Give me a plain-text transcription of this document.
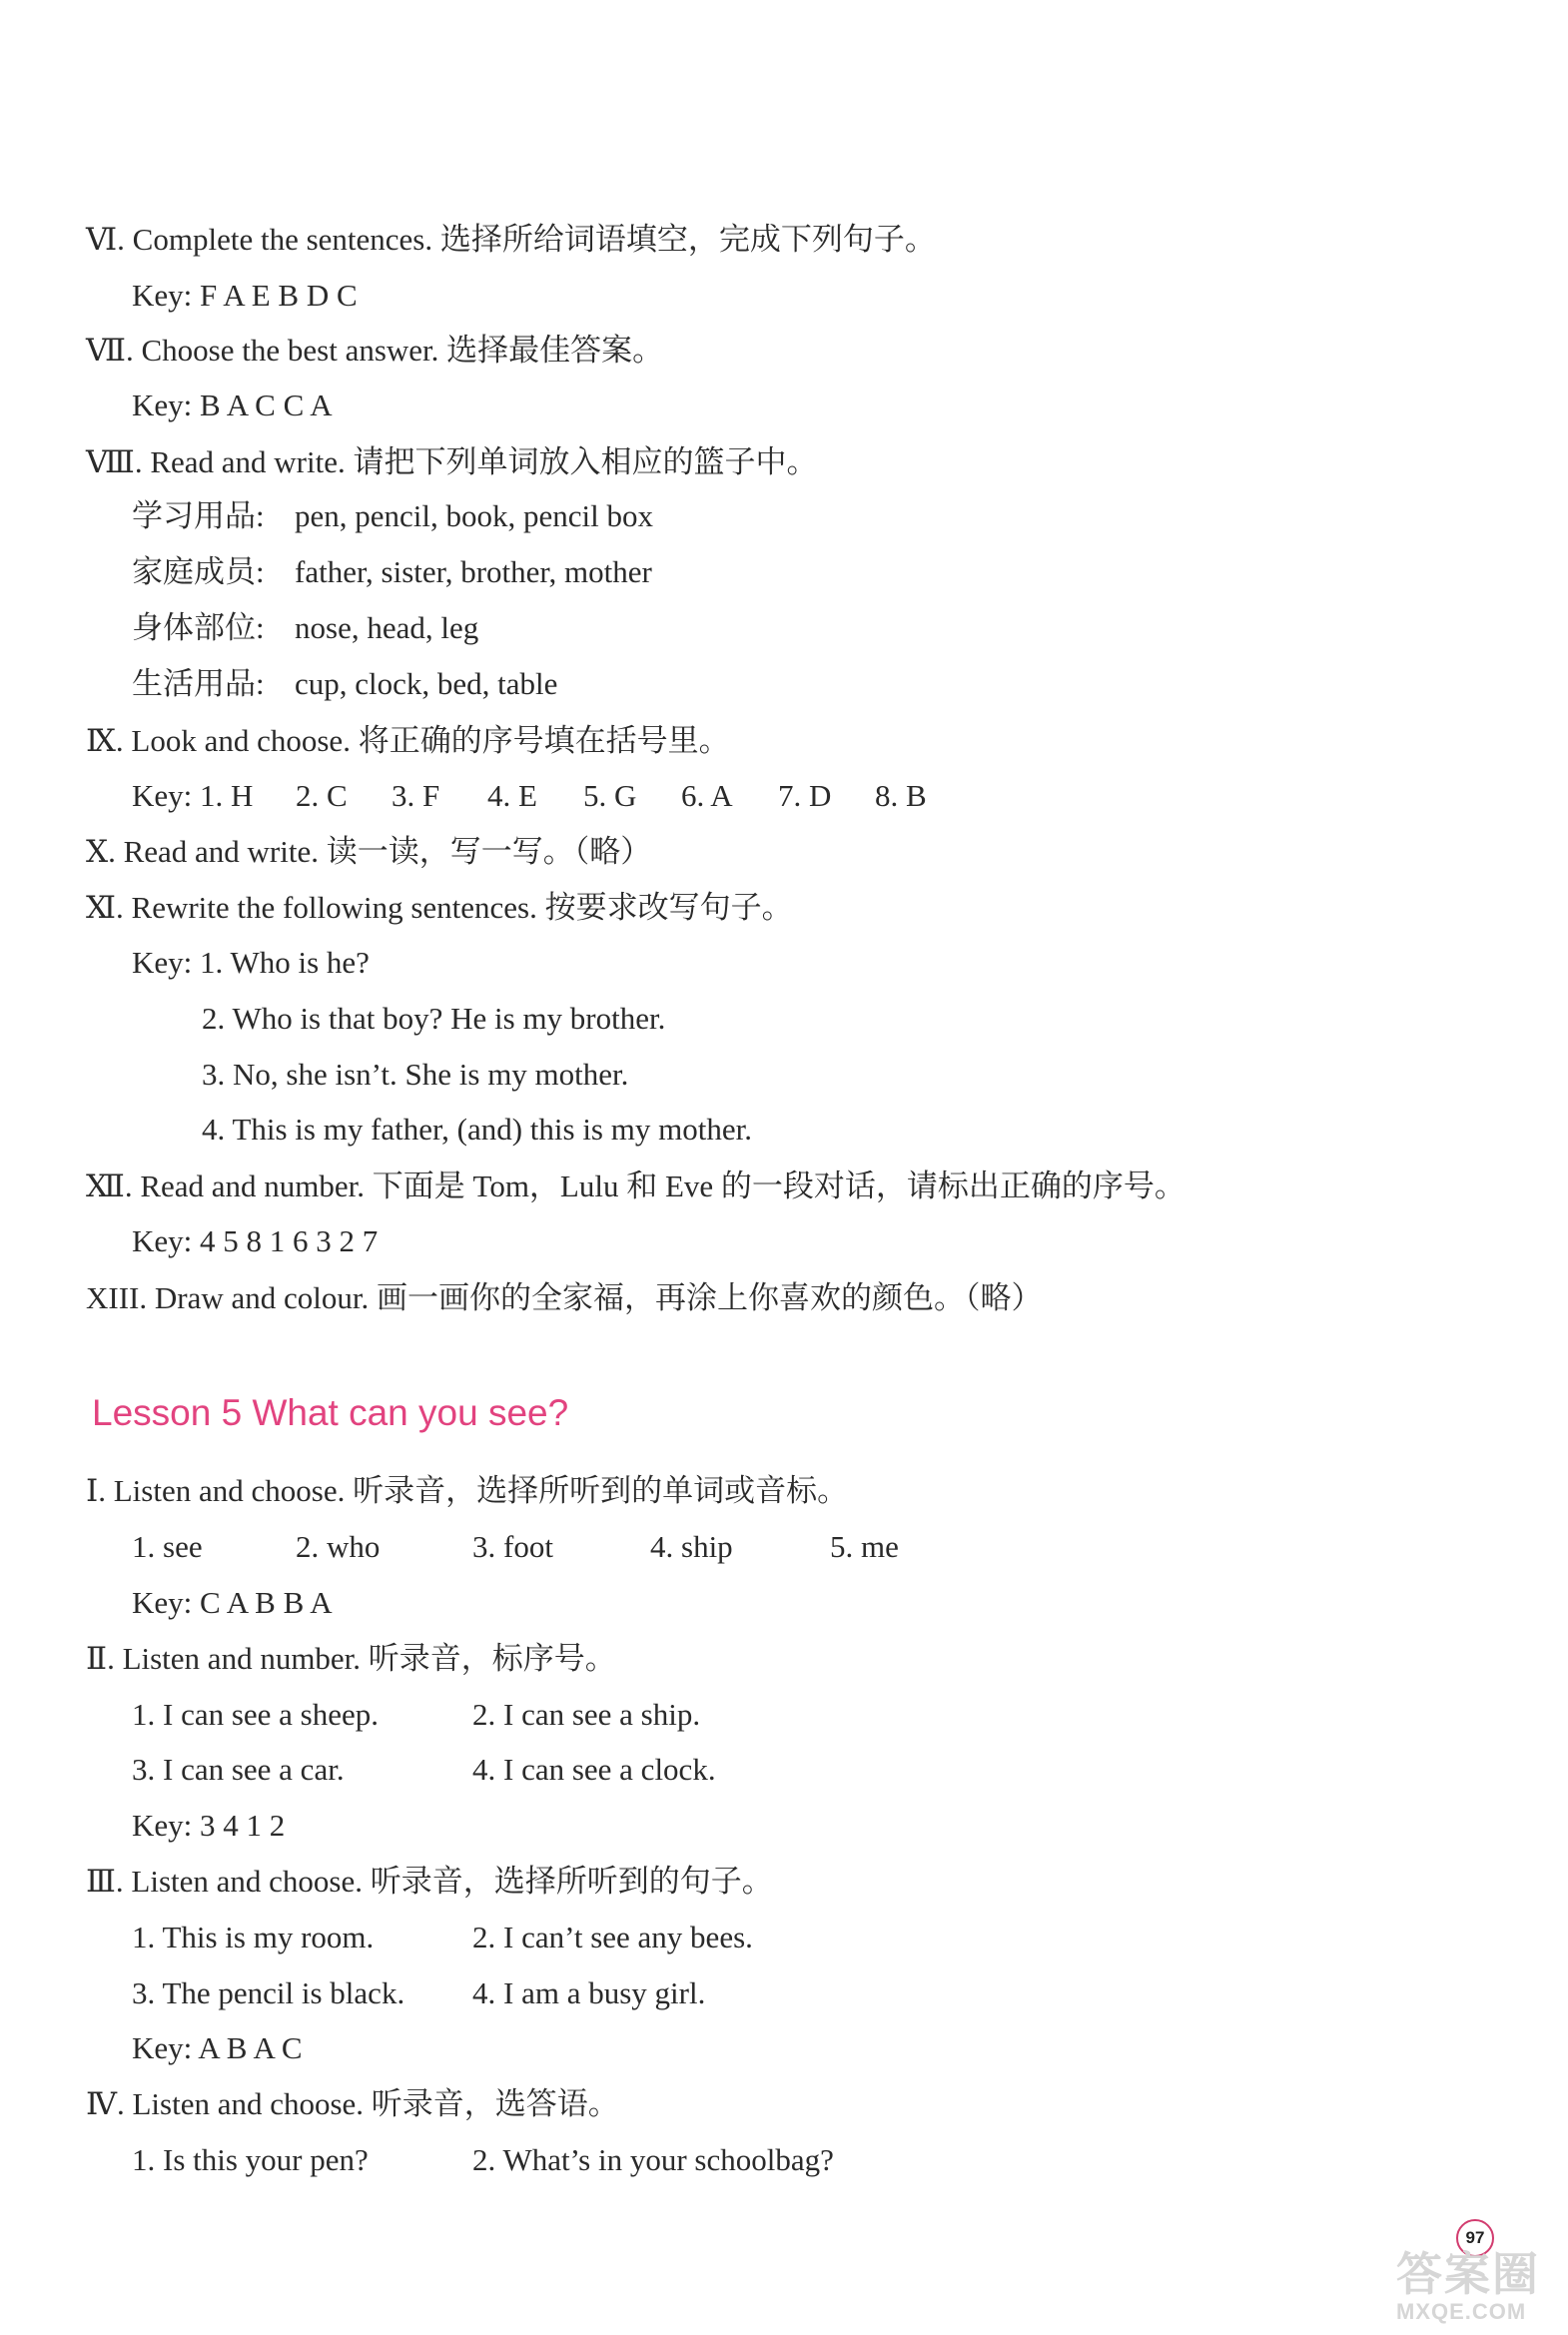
Ⅵ. Complete the sentences. 选择所给词语填空，完成下列句子。
Key: F A E B D C
Ⅶ. Choose the best answer. 选择最佳答案。
Key: B A C C A
Ⅷ. Read and write. 请把下列单词放入相应的篮子中。
学习用品: pen, pencil, book, pencil box
家庭成员: father, sister, brother, mother
身体部位: nose, head, leg
生活用品: cup, clock, bed, table
Ⅸ. Look and choose. 将正确的序号填在括号里。
Key: 1. H 2. C 3. F 4. E 5. G 6. A 7. D 8. B
Ⅹ. Read and write. 读一读，写一写。（略）
Ⅺ. Rewrite the following sentences. 按要求改写句子。
Key: 1. Who is he?
2. Who is that boy? He is my brother.
3. No, she isn’t. She is my mother.
4. This is my father, (and) this is my mother.
Ⅻ. Read and number. 下面是 Tom，Lulu 和 Eve 的一段对话，请标出正确的序号。
Key: 4 5 8 1 6 3 2 7
XIII. Draw and colour. 画一画你的全家福，再涂上你喜欢的颜色。（略）
Lesson 5 What can you see?
Ⅰ. Listen and choose. 听录音，选择所听到的单词或音标。
1. see	2. who	3. foot	4. ship	5. me
Key: C A B B A
Ⅱ. Listen and number. 听录音，标序号。
1. I can see a sheep.	2. I can see a ship.
3. I can see a car.	4. I can see a clock.
Key: 3 4 1 2
Ⅲ. Listen and choose. 听录音，选择所听到的句子。
1. This is my room.	2. I can’t see any bees.
3. The pencil is black. 4. I am a busy girl.
Key: A B A C
Ⅳ. Listen and choose. 听录音，选答语。
1. Is this your pen?	2. What’s in your schoolbag?
97
答案圈
MXQE.COM
